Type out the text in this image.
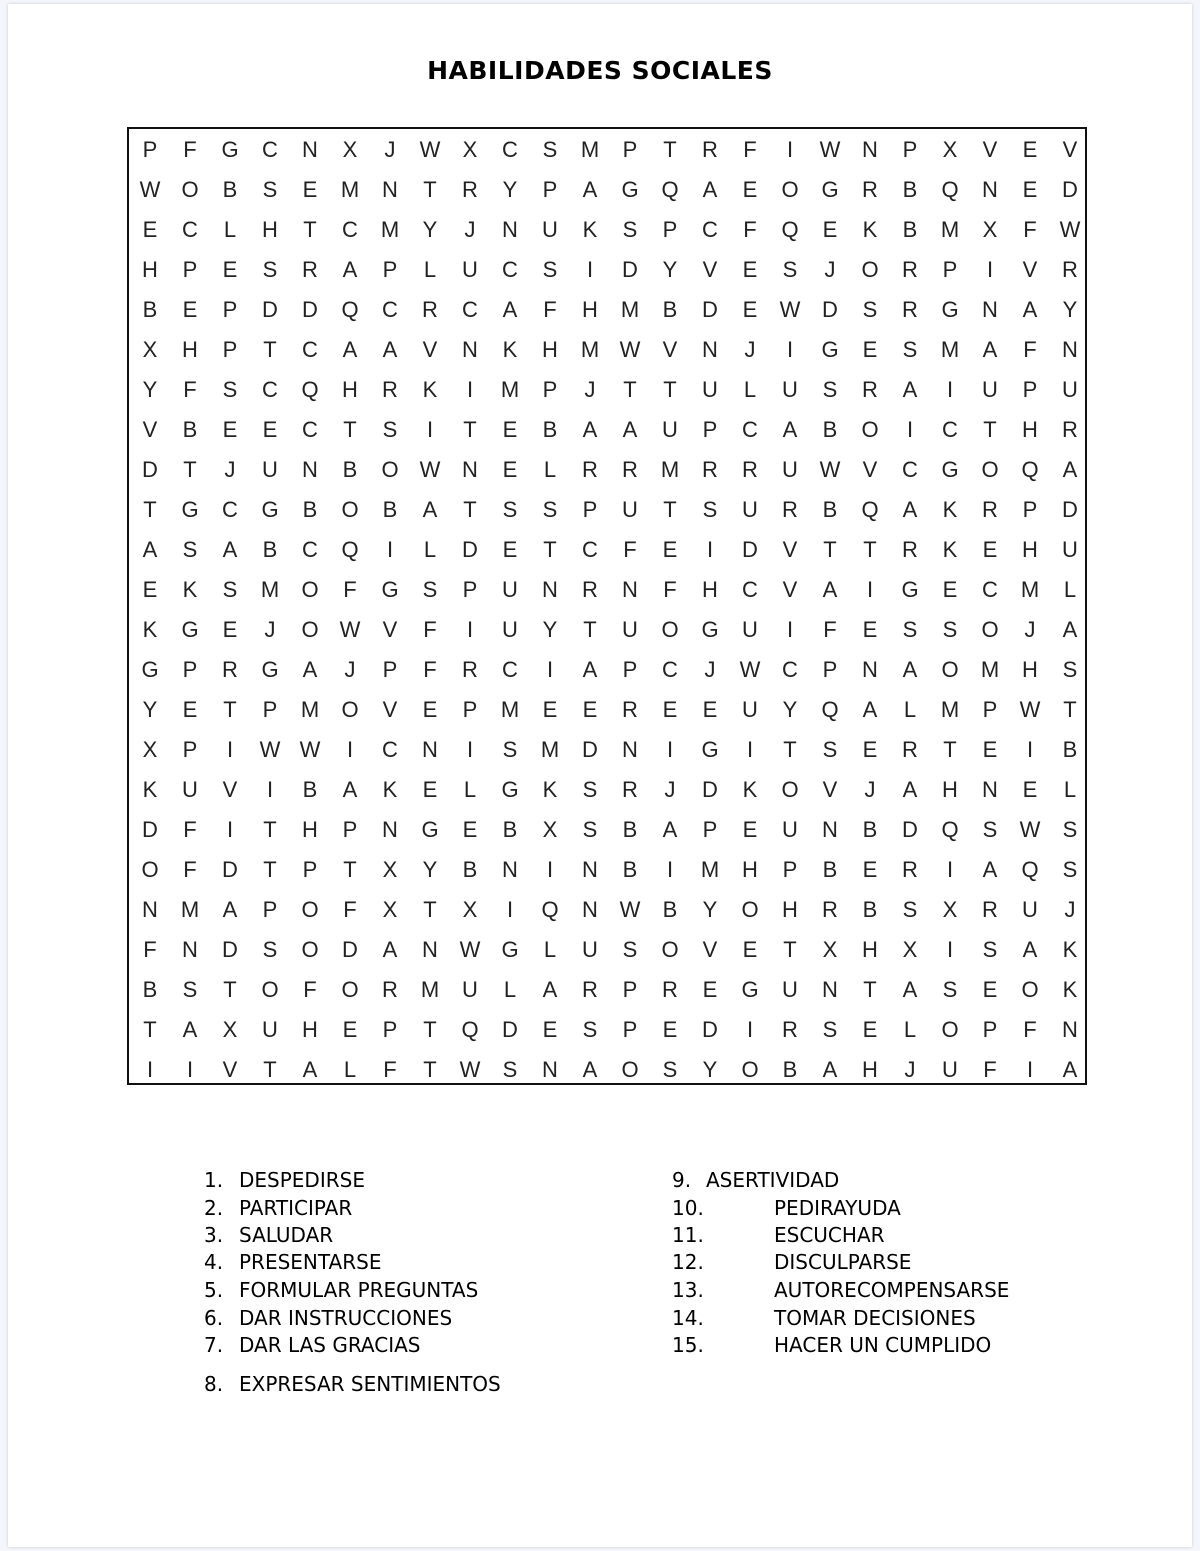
HABILIDADES SOCIALES
P	F	G	C	N	X	J	W	X	C	S	M	P	T	R	F	I	W N	P	X	V	E	V
W O	B	S	E	M	N	T	R	Y	P	A	G	Q	A	E	O	G	R	B	Q	N	E	D
E	C	L	H	T	C	M	Y	J	N	U	K	S	P	C	F	Q	E	K	B	M	X	F	W
H	P	E	S	R	A	P	L	U	C	S	I	D	Y	V	E	S	J	O	R	P	I	V	R
B	E	P	D	D	Q	C	R	C	A	F	H	M	B	D	E	W D	S	R	G	N	A	Y
X	H	P	T	C	A	A	V	N	K	H	M W	V	N	J	I	G	E	S	M	A	F	N
Y	F	S	C	Q	H	R	K	I	M	P	J	T	T	U	L	U	S	R	A	I	U	P	U
V	B	E	E	C	T	S	I	T	E	B	A	A	U	P	C	A	B	O	I	C	T	H	R
D	T	J	U	N	B	O W N	E	L	R	R	M	R	R	U W	V	C	G	O	Q	A
T	G	C	G	B	O	B	A	T	S	S	P	U	T	S	U	R	B	Q	A	K	R	P	D
A	S	A	B	C	Q	I	L	D	E	T	C	F	E	I	D	V	T	T	R	K	E	H	U
E	K	S	M	O	F	G	S	P	U	N	R	N	F	H	C	V	A	I	G	E	C	M	L
K	G	E	J	O W	V	F	I	U	Y	T	U	O	G	U	I	F	E	S	S	O	J	A
G	P	R	G	A	J	P	F	R	C	I	A	P	C	J	W C	P	N	A	O	M	H	S
Y	E	T	P	M	O	V	E	P	M	E	E	R	E	E	U	Y	Q	A	L	M	P	W	T
X	P	I	W W	I	C	N	I	S	M	D	N	I	G	I	T	S	E	R	T	E	I	B
K	U	V	I	B	A	K	E	L	G	K	S	R	J	D	K	O	V	J	A	H	N	E	L
D	F	I	T	H	P	N	G	E	B	X	S	B	A	P	E	U	N	B	D	Q	S	W	S
O	F	D	T	P	T	X	Y	B	N	I	N	B	I	M	H	P	B	E	R	I	A	Q	S
N	M	A	P	O	F	X	T	X	I	Q	N W	B	Y	O	H	R	B	S	X	R	U	J
F	N	D	S	O	D	A	N W G	L	U	S	O	V	E	T	X	H	X	I	S	A	K
B	S	T	O	F	O	R	M	U	L	A	R	P	R	E	G	U	N	T	A	S	E	O	K
T	A	X	U	H	E	P	T	Q	D	E	S	P	E	D	I	R	S	E	L	O	P	F	N
I	I	V	T	A	L	F	T	W	S	N	A	O	S	Y	O	B	A	H	J	U	F	I	A
1. DESPEDIRSE
2. PARTICIPAR
3. SALUDAR
4. PRESENTARSE
5. FORMULAR PREGUNTAS
6. DAR INSTRUCCIONES
7. DAR LAS GRACIAS
8. EXPRESAR SENTIMIENTOS
9. ASERTIVIDAD
10.	PEDIRAYUDA
11.	ESCUCHAR
12.	DISCULPARSE
13.	AUTORECOMPENSARSE
14.	TOMAR DECISIONES
15.	HACER UN CUMPLIDO
